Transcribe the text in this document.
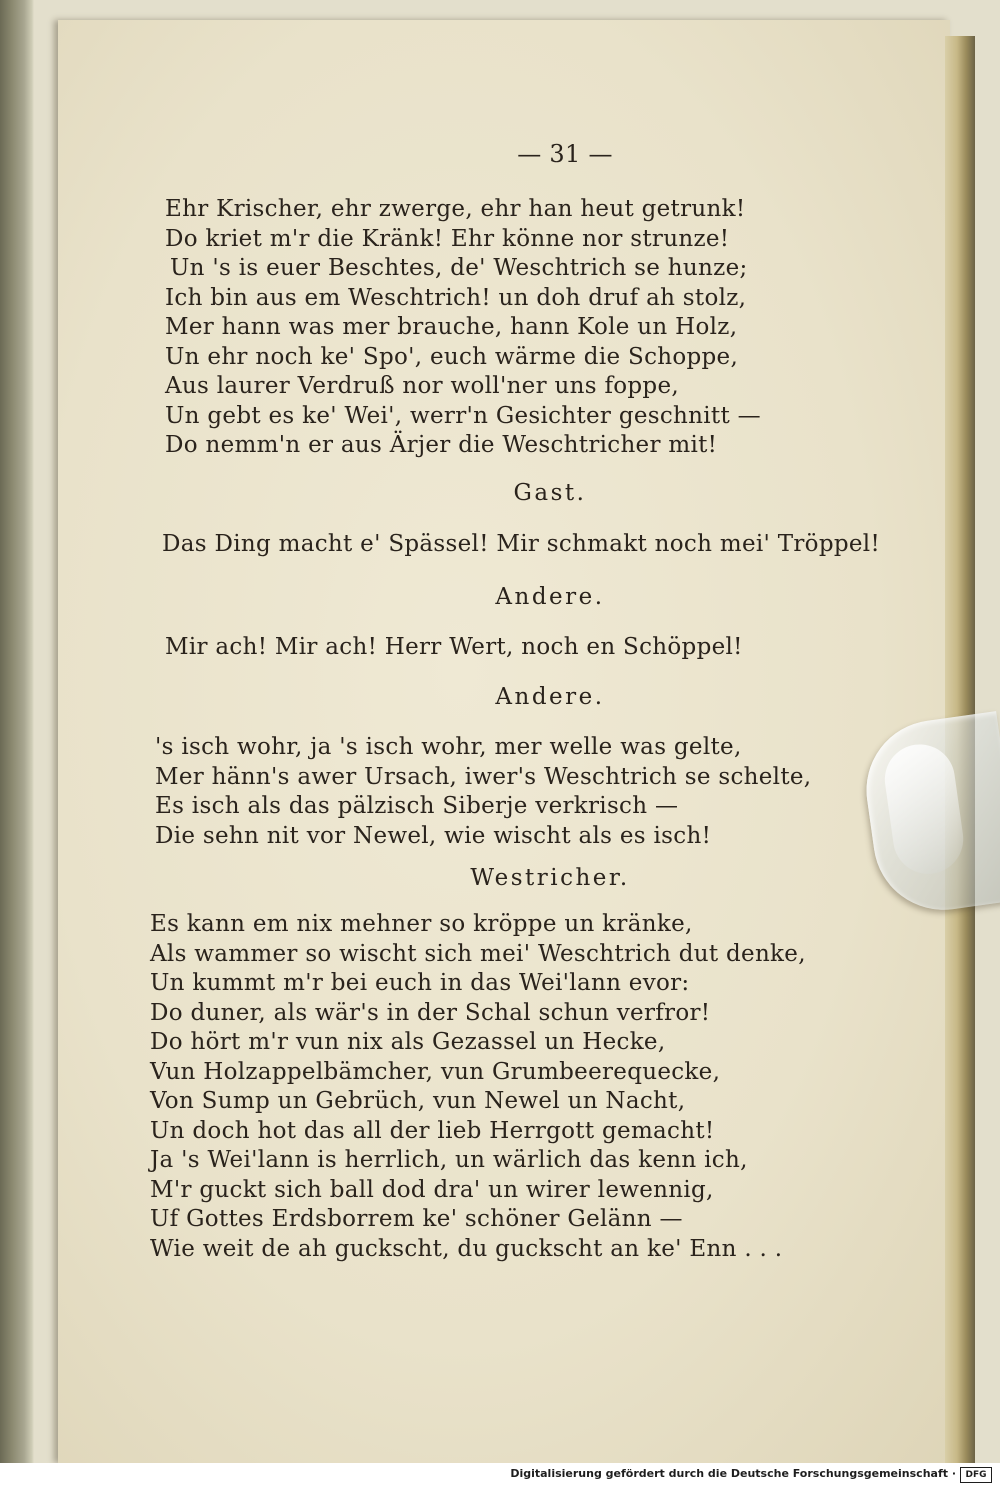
— 31 —
Ehr Krischer, ehr zwerge, ehr han heut getrunk!
Do kriet m'r die Kränk! Ehr könne nor strunze!
Un 's is euer Beschtes, de' Weschtrich se hunze;
Ich bin aus em Weschtrich! un doh druf ah stolz,
Mer hann was mer brauche, hann Kole un Holz,
Un ehr noch ke' Spo', euch wärme die Schoppe,
Aus laurer Verdruß nor woll'ner uns foppe,
Un gebt es ke' Wei', werr'n Gesichter geschnitt —
Do nemm'n er aus Ärjer die Weschtricher mit!
Gast.
Das Ding macht e' Spässel! Mir schmakt noch mei' Tröppel!
Andere.
Mir ach! Mir ach! Herr Wert, noch en Schöppel!
Andere.
's isch wohr, ja 's isch wohr, mer welle was gelte,
Mer hänn's awer Ursach, iwer's Weschtrich se schelte,
Es isch als das pälzisch Siberje verkrisch —
Die sehn nit vor Newel, wie wischt als es isch!
Westricher.
Es kann em nix mehner so kröppe un kränke,
Als wammer so wischt sich mei' Weschtrich dut denke,
Un kummt m'r bei euch in das Wei'lann evor:
Do duner, als wär's in der Schal schun verfror!
Do hört m'r vun nix als Gezassel un Hecke,
Vun Holzappelbämcher, vun Grumbeerequecke,
Von Sump un Gebrüch, vun Newel un Nacht,
Un doch hot das all der lieb Herrgott gemacht!
Ja 's Wei'lann is herrlich, un wärlich das kenn ich,
M'r guckt sich ball dod dra' un wirer lewennig,
Uf Gottes Erdsborrem ke' schöner Gelänn —
Wie weit de ah guckscht, du guckscht an ke' Enn . . .
Digitalisierung gefördert durch die Deutsche Forschungsgemeinschaft ·	DFG
